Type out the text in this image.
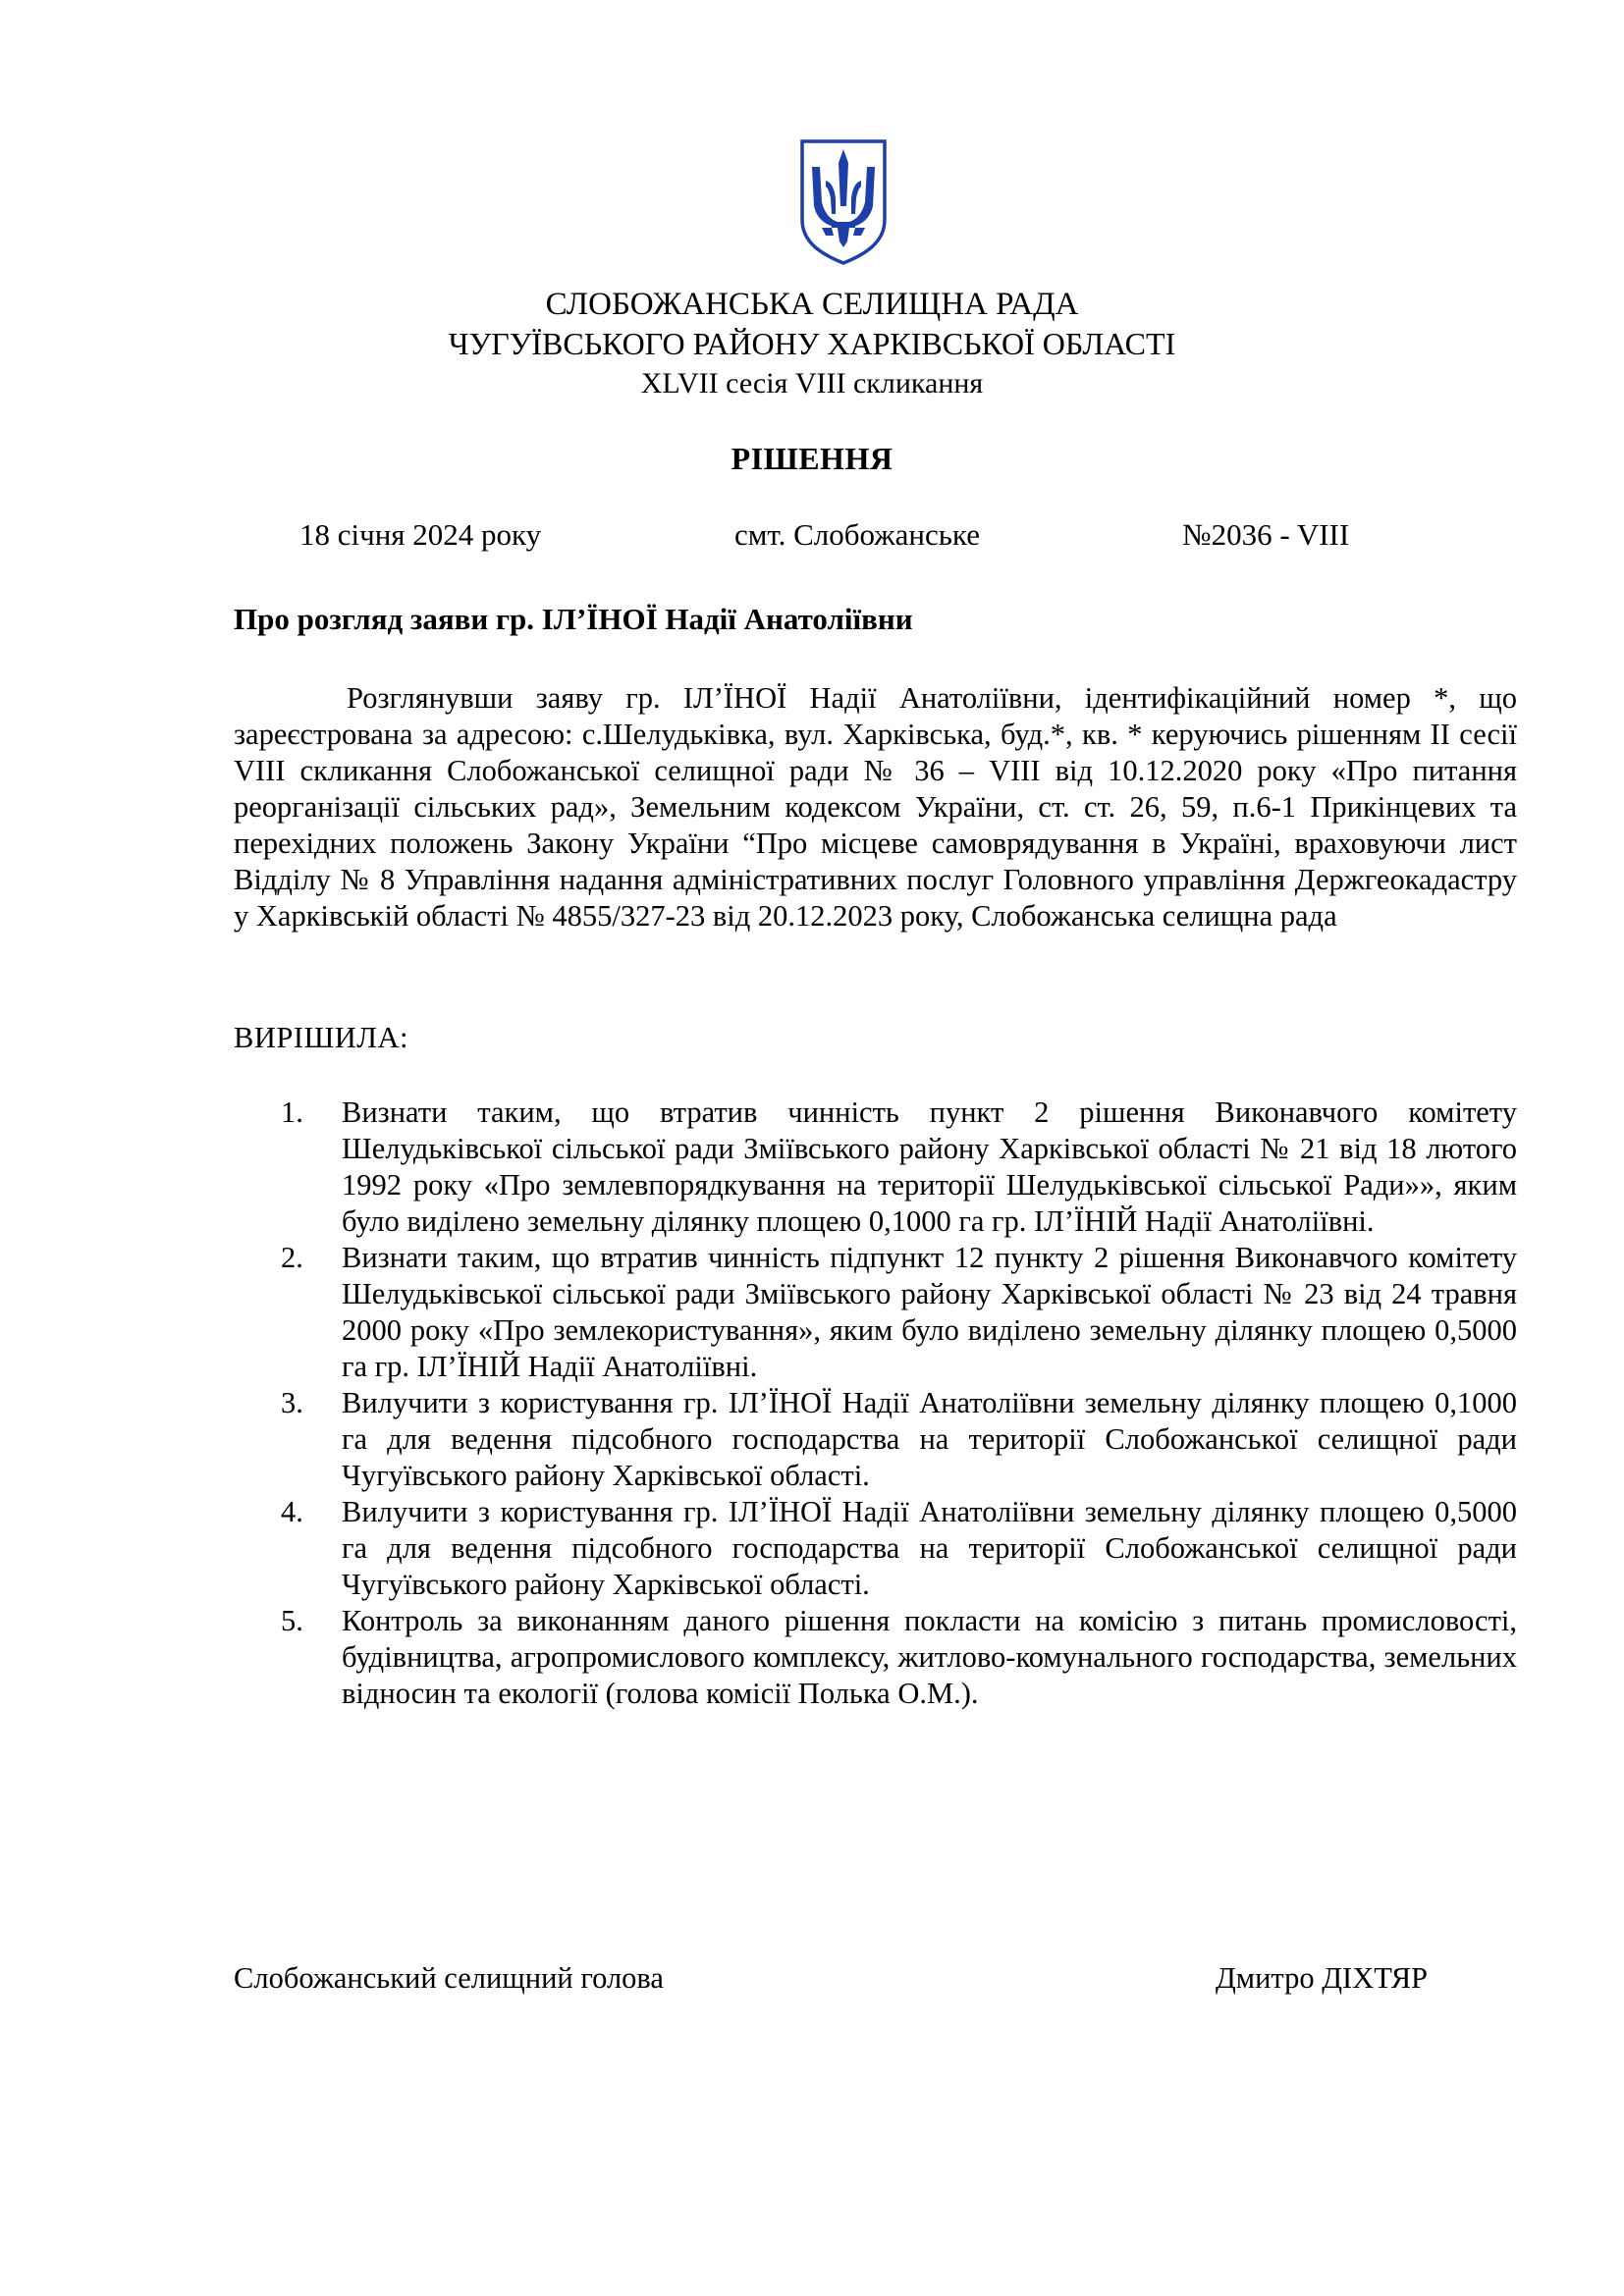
СЛОБОЖАНСЬКА СЕЛИЩНА РАДА
ЧУГУЇВСЬКОГО РАЙОНУ ХАРКІВСЬКОЇ ОБЛАСТІ
XLVII сесія VIII скликання
РІШЕННЯ
18 січня 2024 року	смт. Слобожанське	№2036 - VIII
Про розгляд заяви гр. ІЛ’ЇНОЇ Надії Анатоліївни

Розглянувши заяву гр. ІЛ’ЇНОЇ Надії Анатоліївни, ідентифікаційний номер *, що зареєстрована за адресою: с.Шелудьківка, вул. Харківська, буд.*, кв. * керуючись рішенням ІІ сесії VIIІ скликання Слобожанської селищної ради № 36 – VIIІ від 10.12.2020 року «Про питання реорганізації сільських рад», Земельним кодексом України, ст. ст. 26, 59, п.6-1 Прикінцевих та перехідних положень Закону України “Про місцеве самоврядування в Україні, враховуючи лист Відділу № 8 Управління надання адміністративних послуг Головного управління Держгеокадастру у Харківській області № 4855/327-23 від 20.12.2023 року, Слобожанська селищна рада

ВИРІШИЛА:
1. Визнати таким, що втратив чинність пункт 2 рішення Виконавчого комітету Шелудьківської сільської ради Зміївського району Харківської області № 21 від 18 лютого 1992 року «Про землевпорядкування на території Шелудьківської сільської Ради»», яким було виділено земельну ділянку площею 0,1000 га гр. ІЛ’ЇНІЙ Надії Анатоліївні.
2. Визнати таким, що втратив чинність підпункт 12 пункту 2 рішення Виконавчого комітету Шелудьківської сільської ради Зміївського району Харківської області № 23 від 24 травня 2000 року «Про землекористування», яким було виділено земельну ділянку площею 0,5000 га гр. ІЛ’ЇНІЙ Надії Анатоліївні.
3. Вилучити з користування гр. ІЛ’ЇНОЇ Надії Анатоліївни земельну ділянку площею 0,1000 га для ведення підсобного господарства на території Слобожанської селищної ради Чугуївського району Харківської області.
4. Вилучити з користування гр. ІЛ’ЇНОЇ Надії Анатоліївни земельну ділянку площею 0,5000 га для ведення підсобного господарства на території Слобожанської селищної ради Чугуївського району Харківської області.
5. Контроль за виконанням даного рішення покласти на комісію з питань промисловості, будівництва, агропромислового комплексу, житлово-комунального господарства, земельних відносин та екології (голова комісії Полька О.М.).
Слобожанський селищний голова	Дмитро ДІХТЯР
